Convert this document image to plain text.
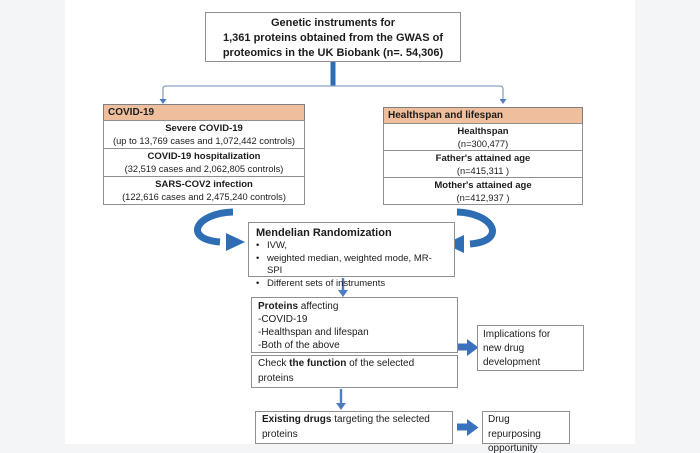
Genetic instruments for
1,361 proteins obtained from the GWAS of
proteomics in the UK Biobank (n=. 54,306)
COVID-19
Severe COVID-19
(up to 13,769 cases and 1,072,442 controls)
COVID-19 hospitalization
(32,519 cases and 2,062,805 controls)
SARS-COV2 infection
(122,616 cases and 2,475,240 controls)
Healthspan and lifespan
Healthspan
(n=300,477)
Father's attained age
(n=415,311 )
Mother's attained age
(n=412,937 )
Mendelian Randomization
• IVW,
• weighted median, weighted mode, MR-SPI
• Different sets of instruments
Proteins affecting
-COVID-19
-Healthspan and lifespan
-Both of the above
Check the function of the selected proteins
Implications for
new drug
development
Existing drugs targeting the selected proteins
Drug repurposing
opportunity
